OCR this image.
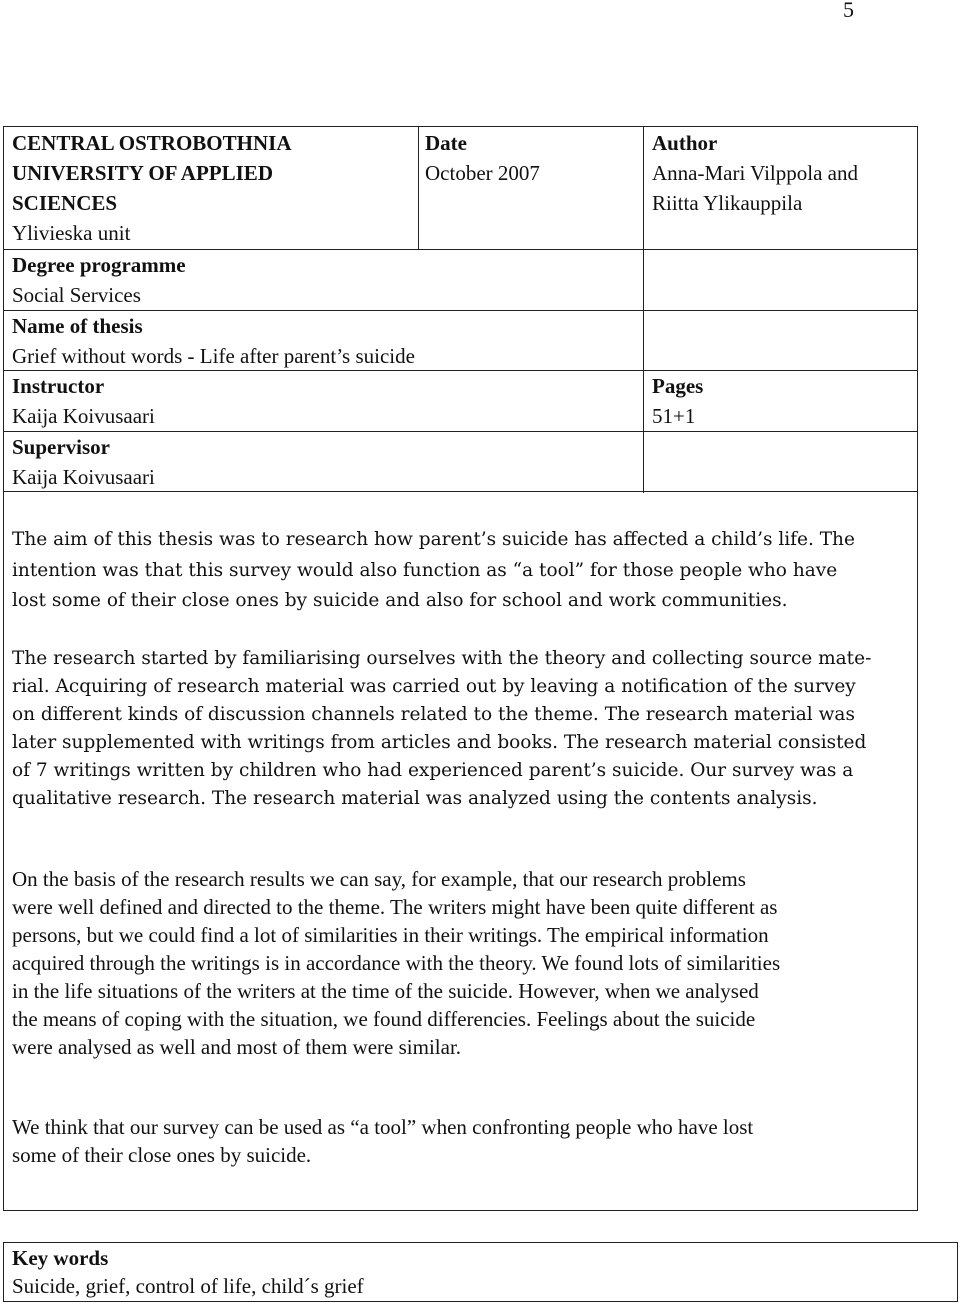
5
CENTRAL OSTROBOTHNIA
UNIVERSITY OF APPLIED
SCIENCES
Ylivieska unit
Date
October 2007
Author
Anna-Mari Vilppola and
Riitta Ylikauppila
Degree programme
Social Services
Name of thesis
Grief without words - Life after parent’s suicide
Instructor
Kaija Koivusaari
Pages
51+1
Supervisor
Kaija Koivusaari
The aim of this thesis was to research how parent’s suicide has affected a child’s life. The
intention was that this survey would also function as “a tool” for those people who have
lost some of their close ones by suicide and also for school and work communities.
The research started by familiarising ourselves with the theory and collecting source mate-
rial. Acquiring of research material was carried out by leaving a notification of the survey
on different kinds of discussion channels related to the theme. The research material was
later supplemented with writings from articles and books. The research material consisted
of 7 writings written by children who had experienced parent’s suicide. Our survey was a
qualitative research. The research material was analyzed using the contents analysis.
On the basis of the research results we can say, for example, that our research problems
were well defined and directed to the theme. The writers might have been quite different as
persons, but we could find a lot of similarities in their writings. The empirical information
acquired through the writings is in accordance with the theory. We found lots of similarities
in the life situations of the writers at the time of the suicide. However, when we analysed
the means of coping with the situation, we found differencies. Feelings about the suicide
were analysed as well and most of them were similar.
We think that our survey can be used as “a tool” when confronting people who have lost
some of their close ones by suicide.
Key words
Suicide, grief, control of life, child´s grief
